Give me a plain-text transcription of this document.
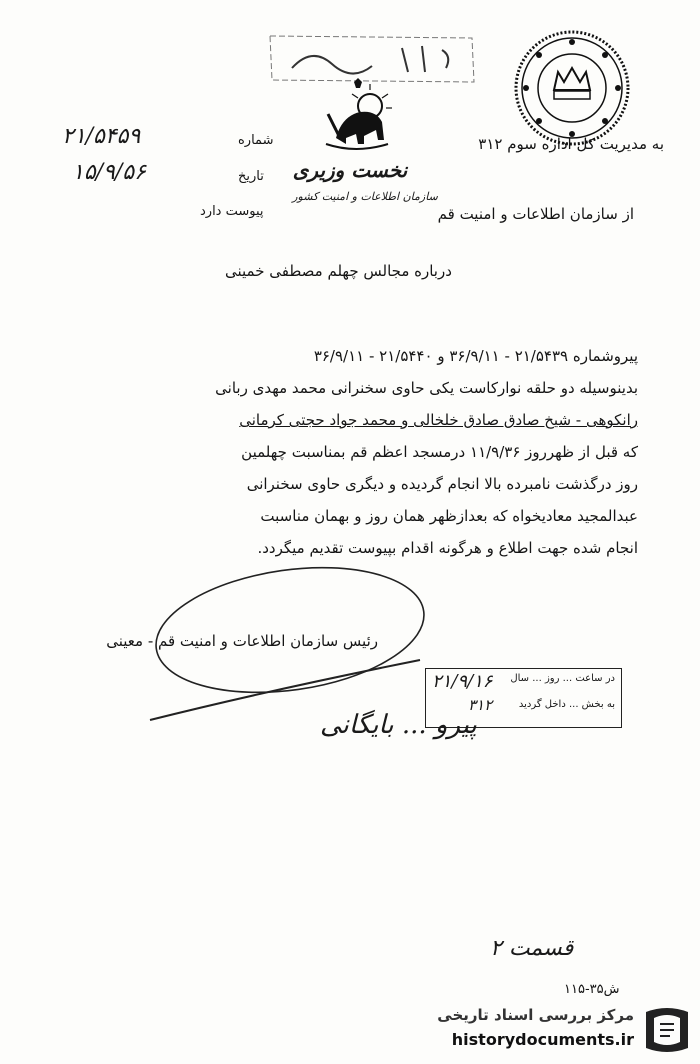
نخست وزیری
سازمان اطلاعات و امنیت کشور
به مدیریت کل اداره سوم ۳۱۲
شماره
۲۱/۵۴۵۹
تاریخ
۱۵/۹/۵۶
پیوست دارد	از سازمان اطلاعات و امنیت قم
درباره مجالس چهلم مصطفی خمینی
پیروشماره ۲۱/۵۴۳۹ - ۳۶/۹/۱۱ و ۲۱/۵۴۴۰ - ۳۶/۹/۱۱
بدینوسیله دو حلقه نوارکاست یکی حاوی سخنرانی محمد مهدی ربانی
رانکوهی - شیخ صادق صادق خلخالی و محمد جواد حجتی کرمانی
که قبل از ظهرروز ۱۱/۹/۳۶ درمسجد اعظم قم بمناسبت چهلمین
روز درگذشت نامبرده بالا انجام گردیده و دیگری حاوی سخنرانی
عبدالمجید معادیخواه که بعدازظهر همان روز و بهمان مناسبت
انجام شده جهت اطلاع و هرگونه اقدام بپیوست تقدیم میگردد.
رئیس سازمان اطلاعات و امنیت قم - معینی
در ساعت ... روز ... سال
به بخش ... داخل گردید
۲۱/۹/۱۶
۳۱۲
پیرو ... بایگانی
۲ قسمت
۱۱۵-۳۵ش
مرکز بررسی اسناد تاریخی
historydocuments.ir
